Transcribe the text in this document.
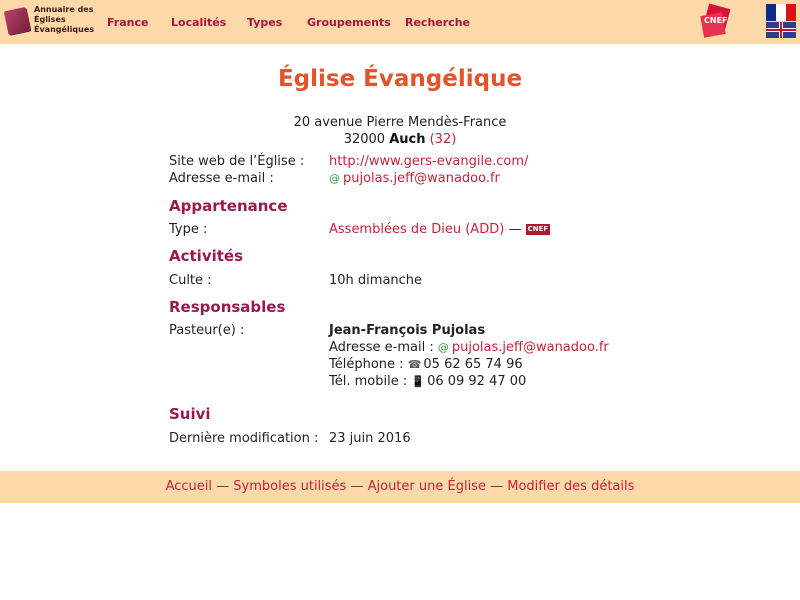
Annuaire des
Églises
Évangéliques
France Localités Types Groupements Recherche	CNEF
Église Évangélique
20 avenue Pierre Mendès-France
32000 Auch (32)
Site web de l’Église : http://www.gers-evangile.com/
Adresse e-mail :	@ pujolas.jeff@wanadoo.fr
Appartenance
Type :	Assemblées de Dieu (ADD) — CNEF
Activités
Culte :	10h dimanche
Responsables
Pasteur(e) :	Jean-François Pujolas
Adresse e-mail : @ pujolas.jeff@wanadoo.fr
Téléphone : ☎ 05 62 65 74 96
Tél. mobile : 📱 06 09 92 47 00
Suivi
Dernière modification : 23 juin 2016
Accueil — Symboles utilisés — Ajouter une Église — Modifier des détails
